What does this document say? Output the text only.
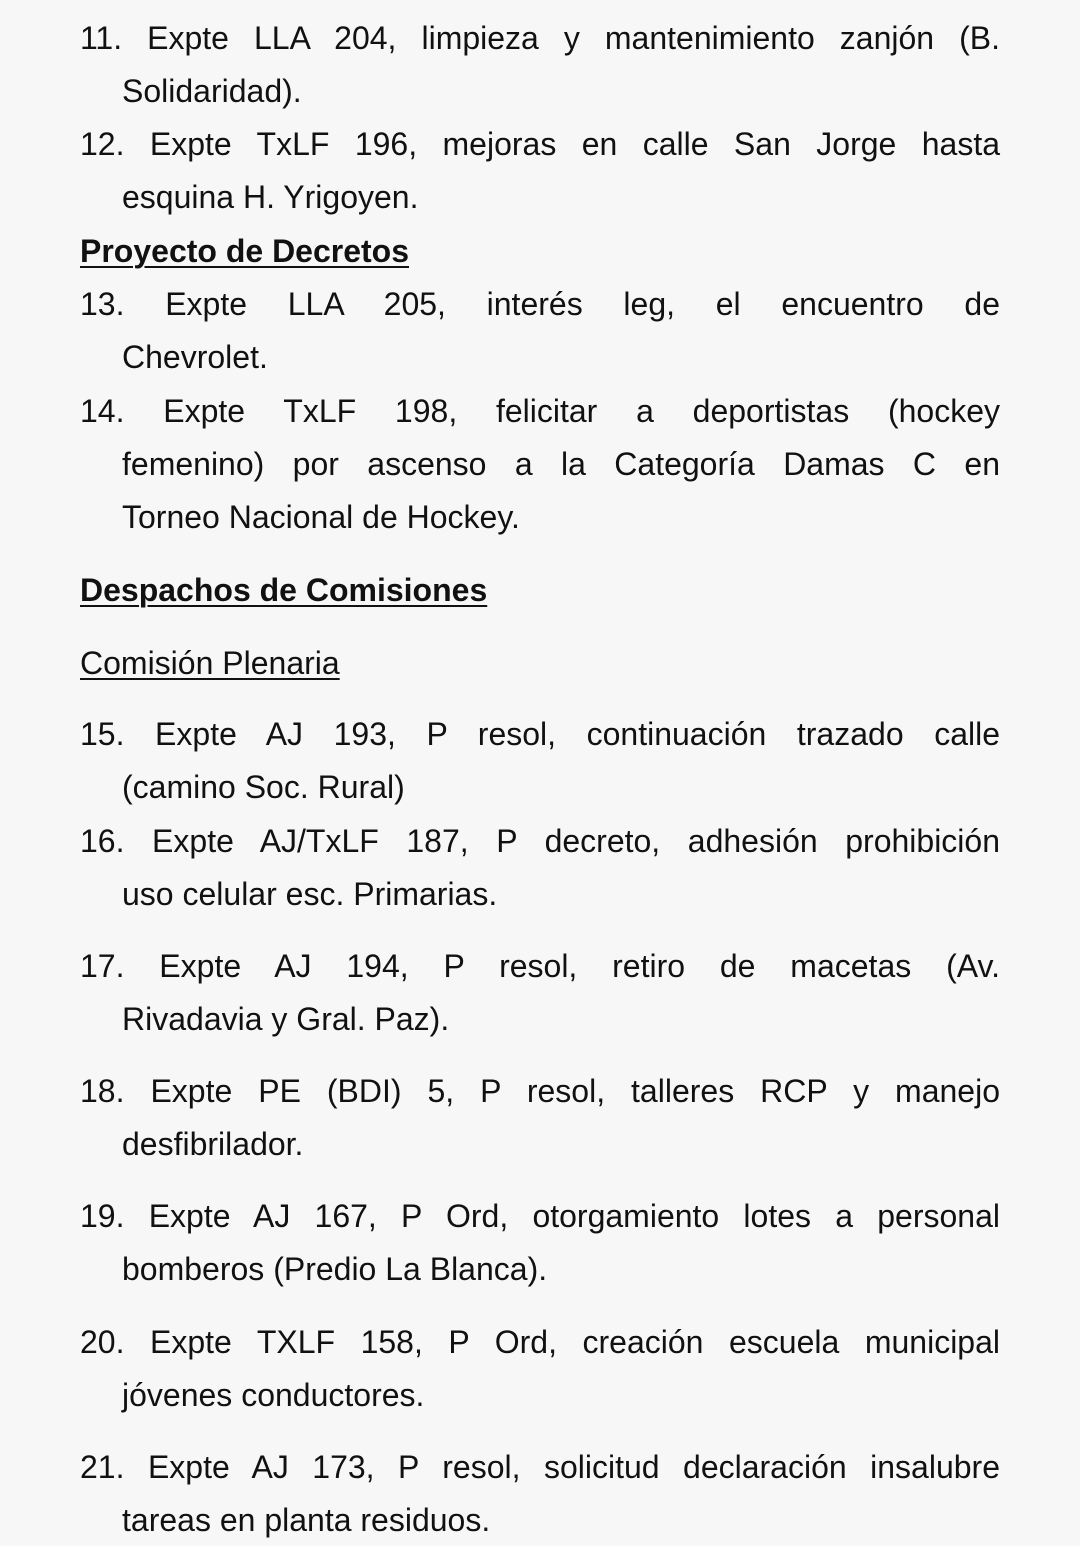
11. Expte LLA 204, limpieza y mantenimiento zanjón (B.
Solidaridad).
12. Expte TxLF 196, mejoras en calle San Jorge hasta
esquina H. Yrigoyen.
Proyecto de Decretos
13. Expte LLA 205, interés leg, el encuentro de
Chevrolet.
14. Expte TxLF 198, felicitar a deportistas (hockey
femenino) por ascenso a la Categoría Damas C en
Torneo Nacional de Hockey.
Despachos de Comisiones
Comisión Plenaria
15. Expte AJ 193, P resol, continuación trazado calle
(camino Soc. Rural)
16. Expte AJ/TxLF 187, P decreto, adhesión prohibición
uso celular esc. Primarias.
17. Expte AJ 194, P resol, retiro de macetas (Av.
Rivadavia y Gral. Paz).
18. Expte PE (BDI) 5, P resol, talleres RCP y manejo
desfibrilador.
19. Expte AJ 167, P Ord, otorgamiento lotes a personal
bomberos (Predio La Blanca).
20. Expte TXLF 158, P Ord, creación escuela municipal
jóvenes conductores.
21. Expte AJ 173, P resol, solicitud declaración insalubre
tareas en planta residuos.
